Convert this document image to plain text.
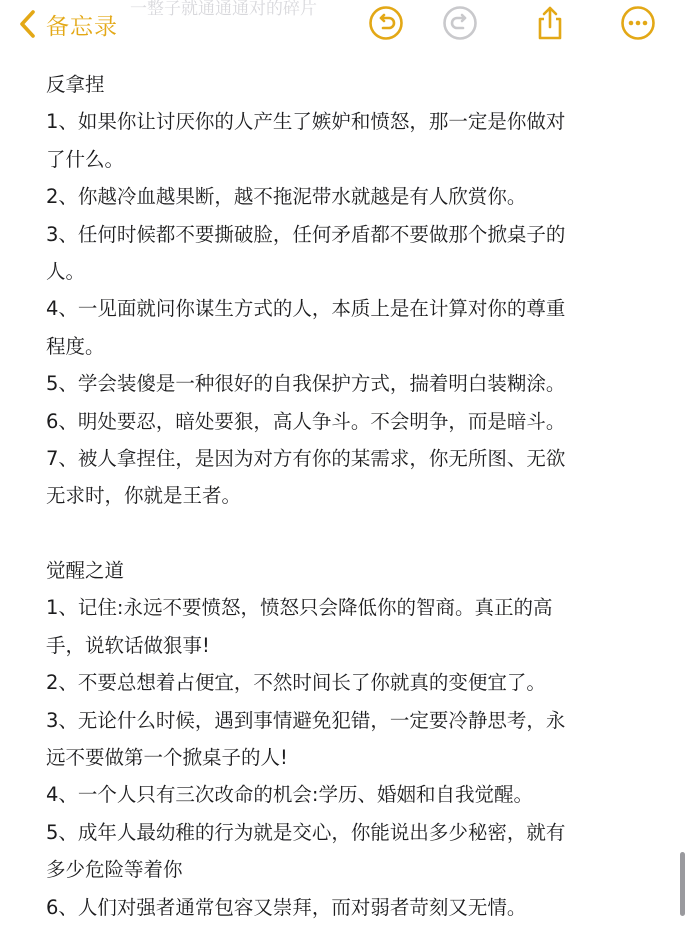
一整子就通通通对的碎片
备忘录
反拿捏
1、如果你让讨厌你的人产生了嫉妒和愤怒，那一定是你做对
了什么。
2、你越冷血越果断，越不拖泥带水就越是有人欣赏你。
3、任何时候都不要撕破脸，任何矛盾都不要做那个掀桌子的
人。
4、一见面就问你谋生方式的人，本质上是在计算对你的尊重
程度。
5、学会装傻是一种很好的自我保护方式，揣着明白装糊涂。
6、明处要忍，暗处要狠，高人争斗。不会明争，而是暗斗。
7、被人拿捏住，是因为对方有你的某需求，你无所图、无欲
无求时，你就是王者。
觉醒之道
1、记住:永远不要愤怒，愤怒只会降低你的智商。真正的高
手，说软话做狠事!
2、不要总想着占便宜，不然时间长了你就真的变便宜了。
3、无论什么时候，遇到事情避免犯错，一定要冷静思考，永
远不要做第一个掀桌子的人!
4、一个人只有三次改命的机会:学历、婚姻和自我觉醒。
5、成年人最幼稚的行为就是交心，你能说出多少秘密，就有
多少危险等着你
6、人们对强者通常包容又崇拜，而对弱者苛刻又无情。
